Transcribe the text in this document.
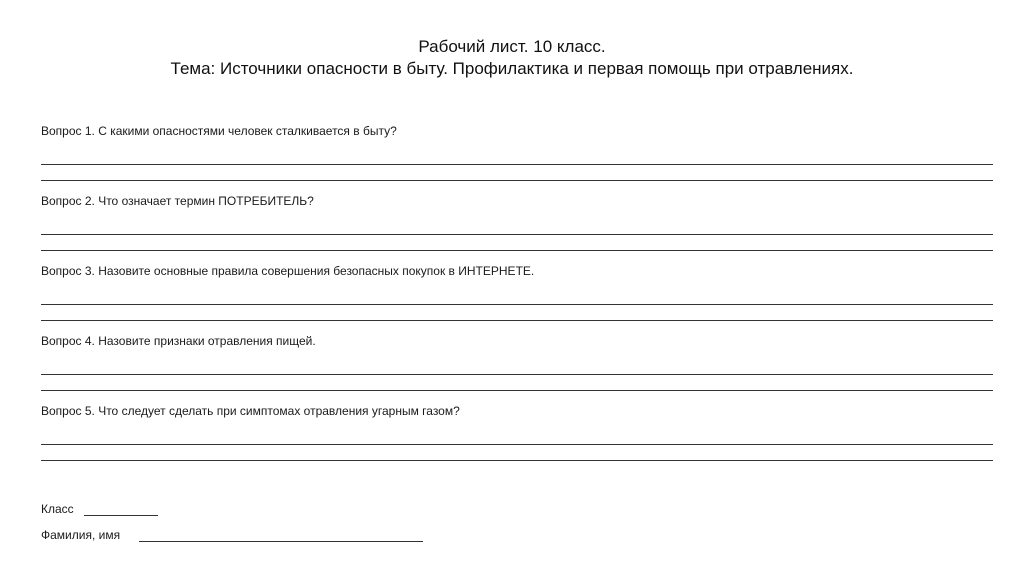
Рабочий лист. 10 класс.
Тема: Источники опасности в быту. Профилактика и первая помощь при отравлениях.
Вопрос 1. С какими опасностями человек сталкивается в быту?
Вопрос 2. Что означает термин ПОТРЕБИТЕЛЬ?
Вопрос 3. Назовите основные правила совершения безопасных покупок в ИНТЕРНЕТЕ.
Вопрос 4. Назовите признаки отравления пищей.
Вопрос 5. Что следует сделать при симптомах отравления угарным газом?
Класс
Фамилия, имя
